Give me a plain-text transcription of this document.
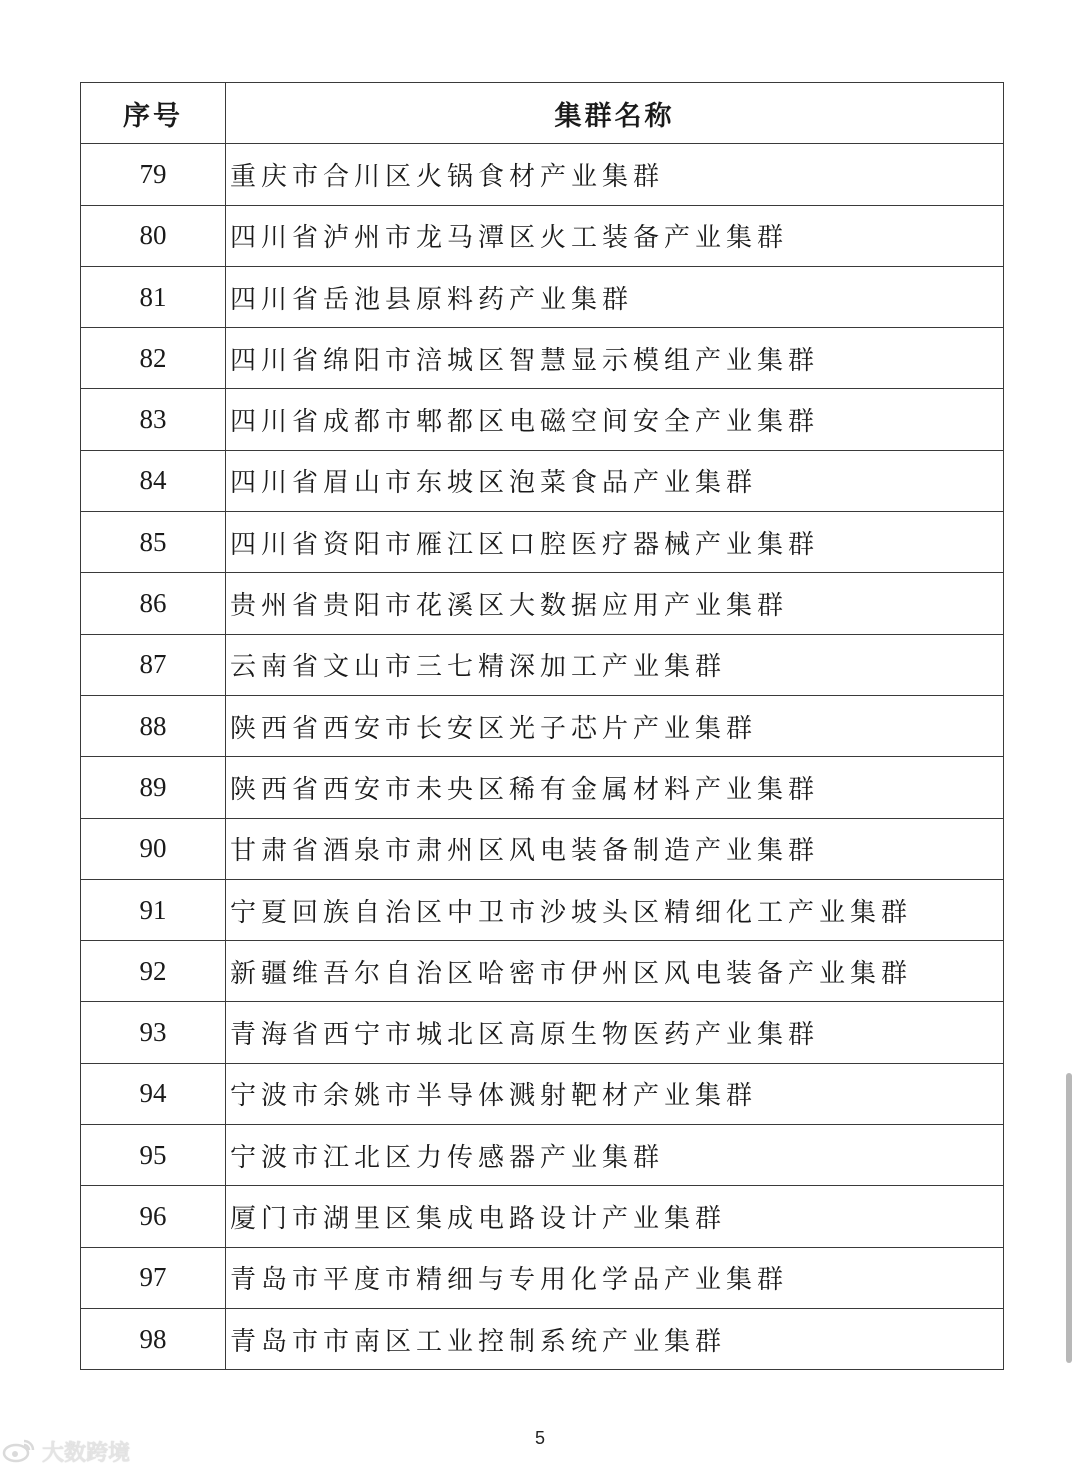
序号	集群名称
79	重庆市合川区火锅食材产业集群
80	四川省泸州市龙马潭区火工装备产业集群
81	四川省岳池县原料药产业集群
82	四川省绵阳市涪城区智慧显示模组产业集群
83	四川省成都市郫都区电磁空间安全产业集群
84	四川省眉山市东坡区泡菜食品产业集群
85	四川省资阳市雁江区口腔医疗器械产业集群
86	贵州省贵阳市花溪区大数据应用产业集群
87	云南省文山市三七精深加工产业集群
88	陕西省西安市长安区光子芯片产业集群
89	陕西省西安市未央区稀有金属材料产业集群
90	甘肃省酒泉市肃州区风电装备制造产业集群
91	宁夏回族自治区中卫市沙坡头区精细化工产业集群
92	新疆维吾尔自治区哈密市伊州区风电装备产业集群
93	青海省西宁市城北区高原生物医药产业集群
94	宁波市余姚市半导体溅射靶材产业集群
95	宁波市江北区力传感器产业集群
96	厦门市湖里区集成电路设计产业集群
97	青岛市平度市精细与专用化学品产业集群
98	青岛市市南区工业控制系统产业集群
5
大数跨境
